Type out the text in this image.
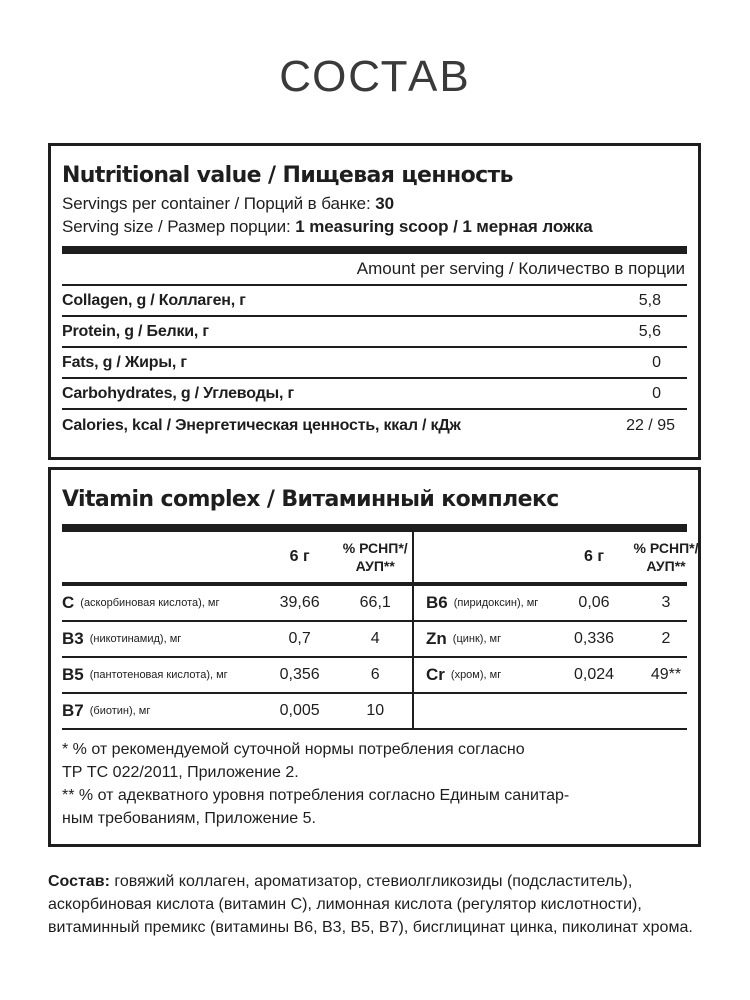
СОСТАВ
Nutritional value / Пищевая ценность
Servings per container / Порций в банке: 30
Serving size / Размер порции: 1 measuring scoop / 1 мерная ложка
Amount per serving / Количество в порции
Collagen, g / Коллаген, г	5,8
Protein, g / Белки, г	5,6
Fats, g / Жиры, г	0
Carbohydrates, g / Углеводы, г	0
Calories, kcal / Энергетическая ценность, ккал / кДж	22 / 95
Vitamin complex / Витаминный комплекс
6 г	% РСНП*/
АУП**
6 г	% РСНП*/
АУП**
C (аскорбиновая кислота), мг	39,66	66,1	B6 (пиридоксин), мг	0,06	3
B3 (никотинамид), мг	0,7	4	Zn (цинк), мг	0,336	2
B5 (пантотеновая кислота), мг	0,356	6	Cr (хром), мг	0,024	49**
B7 (биотин), мг	0,005	10

* % от рекомендуемой суточной нормы потребления согласно

ТР ТС 022/2011, Приложение 2.

** % от адекватного уровня потребления согласно Единым санитар-

ным требованиям, Приложение 5.

Состав: говяжий коллаген, ароматизатор, стевиолгликозиды (подсластитель), аскорбиновая кислота (витамин С), лимонная кислота (регулятор кислотности), витаминный премикс (витамины В6, В3, В5, В7), бисглицинат цинка, пиколинат хрома.
